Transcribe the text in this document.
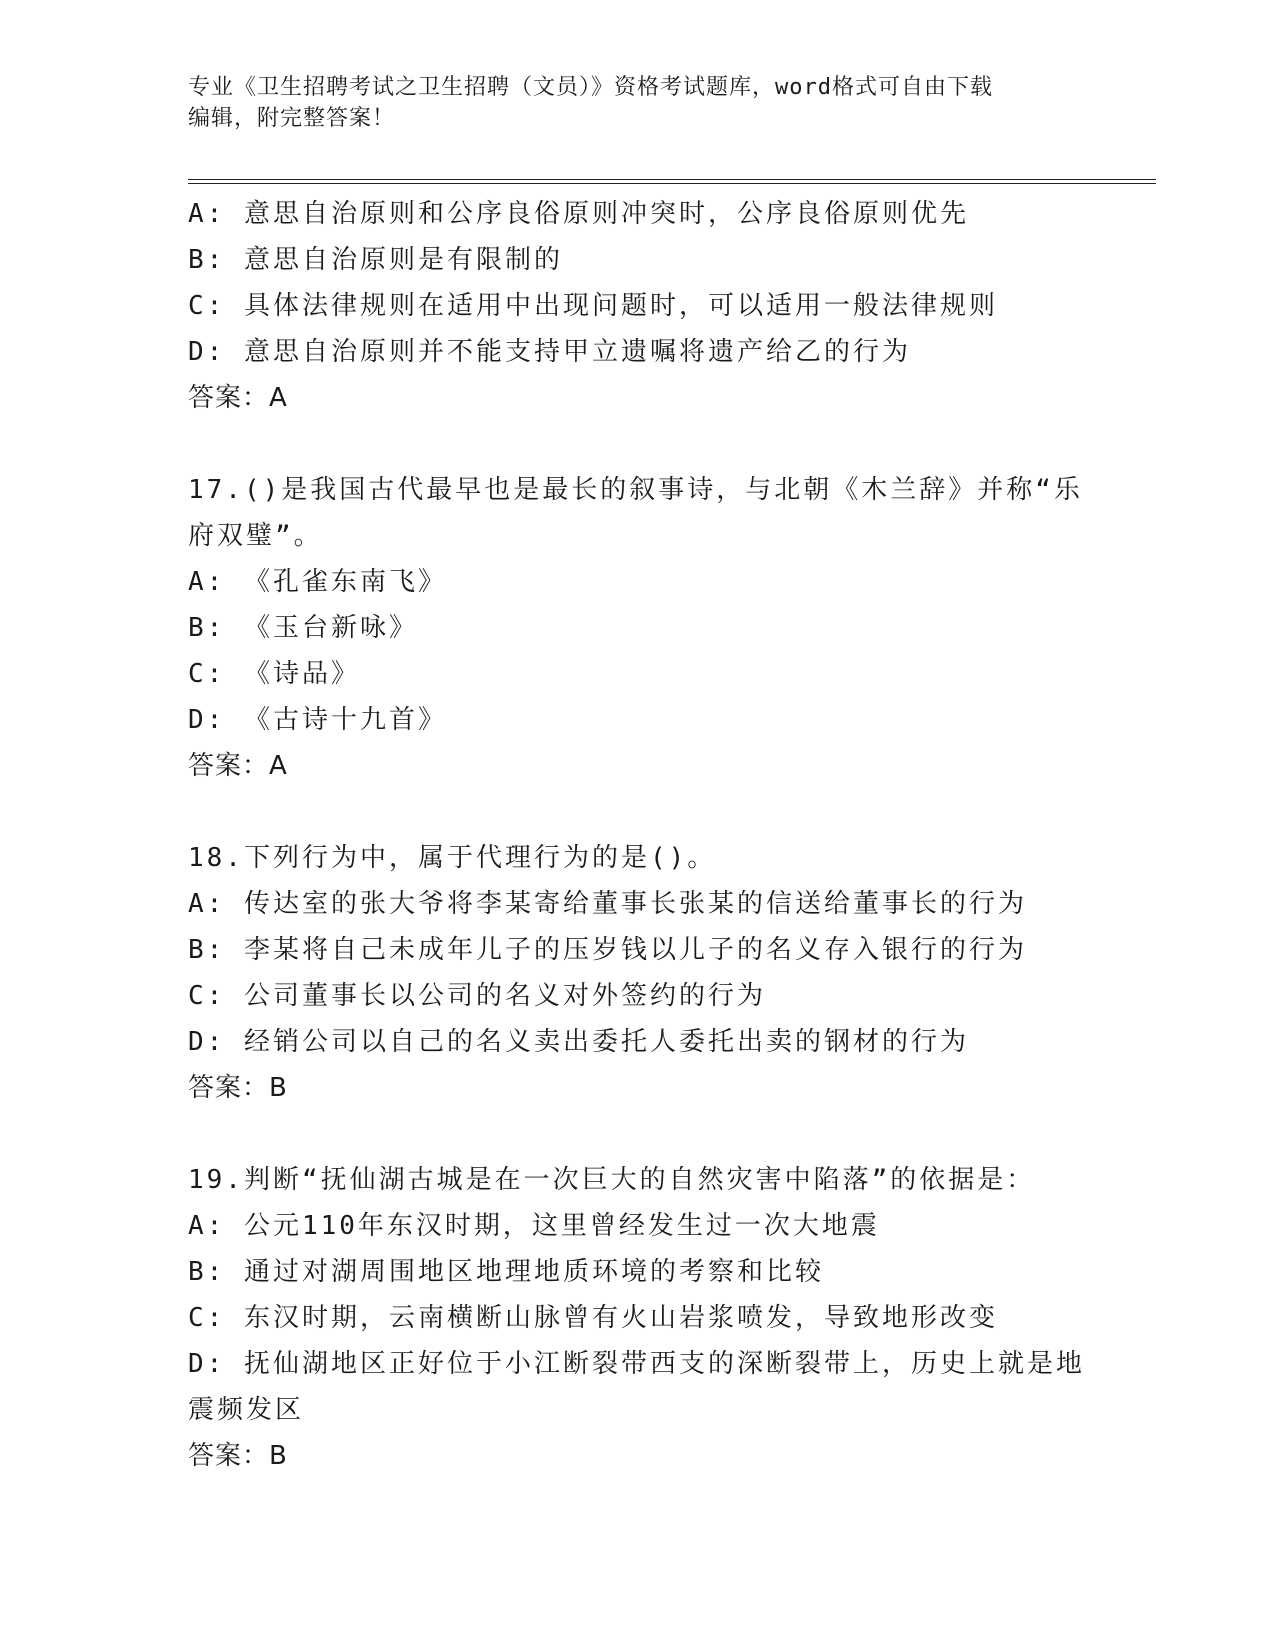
专业《卫生招聘考试之卫生招聘（文员）》资格考试题库，word格式可自由下载
编辑，附完整答案！
A: 意思自治原则和公序良俗原则冲突时，公序良俗原则优先
B: 意思自治原则是有限制的
C: 具体法律规则在适用中出现问题时，可以适用一般法律规则
D: 意思自治原则并不能支持甲立遗嘱将遗产给乙的行为
答案：A
17.()是我国古代最早也是最长的叙事诗，与北朝《木兰辞》并称“乐
府双璧”。
A: 《孔雀东南飞》
B: 《玉台新咏》
C: 《诗品》
D: 《古诗十九首》
答案：A
18.下列行为中，属于代理行为的是()。
A: 传达室的张大爷将李某寄给董事长张某的信送给董事长的行为
B: 李某将自己未成年儿子的压岁钱以儿子的名义存入银行的行为
C: 公司董事长以公司的名义对外签约的行为
D: 经销公司以自己的名义卖出委托人委托出卖的钢材的行为
答案：B
19.判断“抚仙湖古城是在一次巨大的自然灾害中陷落”的依据是：
A: 公元110年东汉时期，这里曾经发生过一次大地震
B: 通过对湖周围地区地理地质环境的考察和比较
C: 东汉时期，云南横断山脉曾有火山岩浆喷发，导致地形改变
D: 抚仙湖地区正好位于小江断裂带西支的深断裂带上，历史上就是地
震频发区
答案：B
